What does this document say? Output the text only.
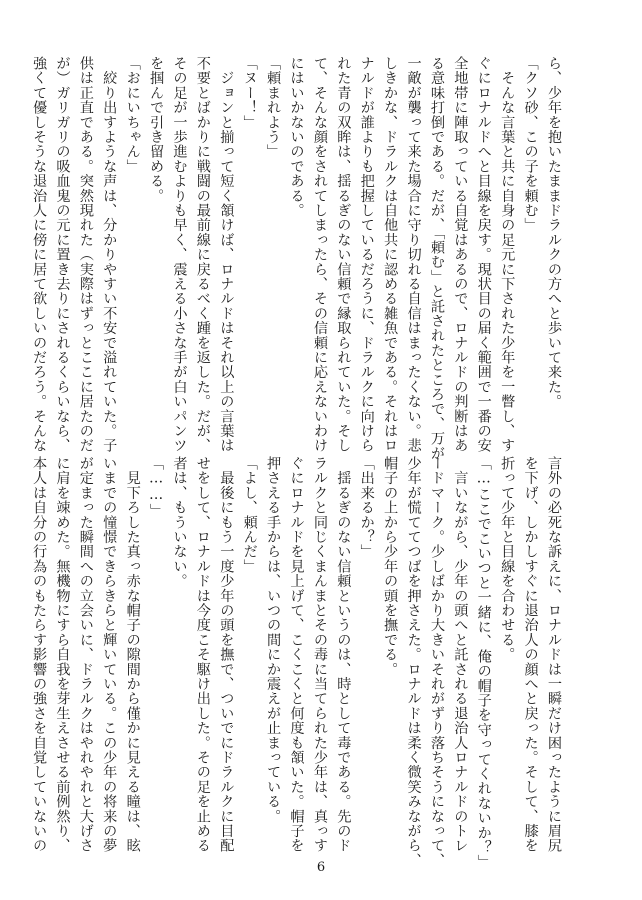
ら、少年を抱いたままドラルクの方へと歩いて来た。
「クソ砂、この子を頼む」
　そんな言葉と共に自身の足元に下された少年を一瞥し、す
ぐにロナルドへと目線を戻す。現状目の届く範囲で一番の安
全地帯に陣取っている自覚はあるので、ロナルドの判断はあ
る意味打倒である。だが、「頼む」と託されたところで、万が
一敵が襲って来た場合に守り切れる自信はまったくない。悲
しきかな、ドラルクは自他共に認める雑魚である。それはロ
ナルドが誰よりも把握しているだろうに、ドラルクに向けら
れた青の双眸は、揺るぎのない信頼で縁取られていた。そし
て、そんな顔をされてしまったら、その信頼に応えないわけ
にはいかないのである。
「頼まれよう」
「ヌー！」
　ジョンと揃って短く頷けば、ロナルドはそれ以上の言葉は
不要とばかりに戦闘の最前線に戻るべく踵を返した。だが、
その足が一歩進むよりも早く、震える小さな手が白いパンツ
を掴んで引き留める。
「おにいちゃん」
　絞り出すような声は、分かりやすい不安で溢れていた。子
供は正直である。突然現れた（実際はずっとここに居たのだ
が）ガリガリの吸血鬼の元に置き去りにされるくらいなら、
強くて優しそうな退治人に傍に居て欲しいのだろう。そんな
言外の必死な訴えに、ロナルドは一瞬だけ困ったように眉尻
を下げ、しかしすぐに退治人の顔へと戻った。そして、膝を
折って少年と目線を合わせる。
「…ここでこいつと一緒に、俺の帽子を守ってくれないか？」
　言いながら、少年の頭へと託される退治人ロナルドのトレ
ードマーク。少しばかり大きいそれがずり落ちそうになって、
少年が慌ててつばを押さえた。ロナルドは柔く微笑みながら、
帽子の上から少年の頭を撫でる。
「出来るか？」
　揺るぎのない信頼というのは、時として毒である。先のド
ラルクと同じくまんまとその毒に当てられた少年は、真っす
ぐにロナルドを見上げて、こくこくと何度も頷いた。帽子を
押さえる手からは、いつの間にか震えが止まっている。
「よし、頼んだ」
　最後にもう一度少年の頭を撫で、ついでにドラルクに目配
せをして、ロナルドは今度こそ駆け出した。その足を止める
者は、もういない。
「……」
　見下ろした真っ赤な帽子の隙間から僅かに見える瞳は、眩
いまでの憧憬できらきらと輝いている。この少年の将来の夢
が定まった瞬間への立会いに、ドラルクはやれやれと大げさ
に肩を竦めた。無機物にすら自我を芽生えさせる前例然り、
本人は自分の行為のもたらす影響の強さを自覚していないの
6
